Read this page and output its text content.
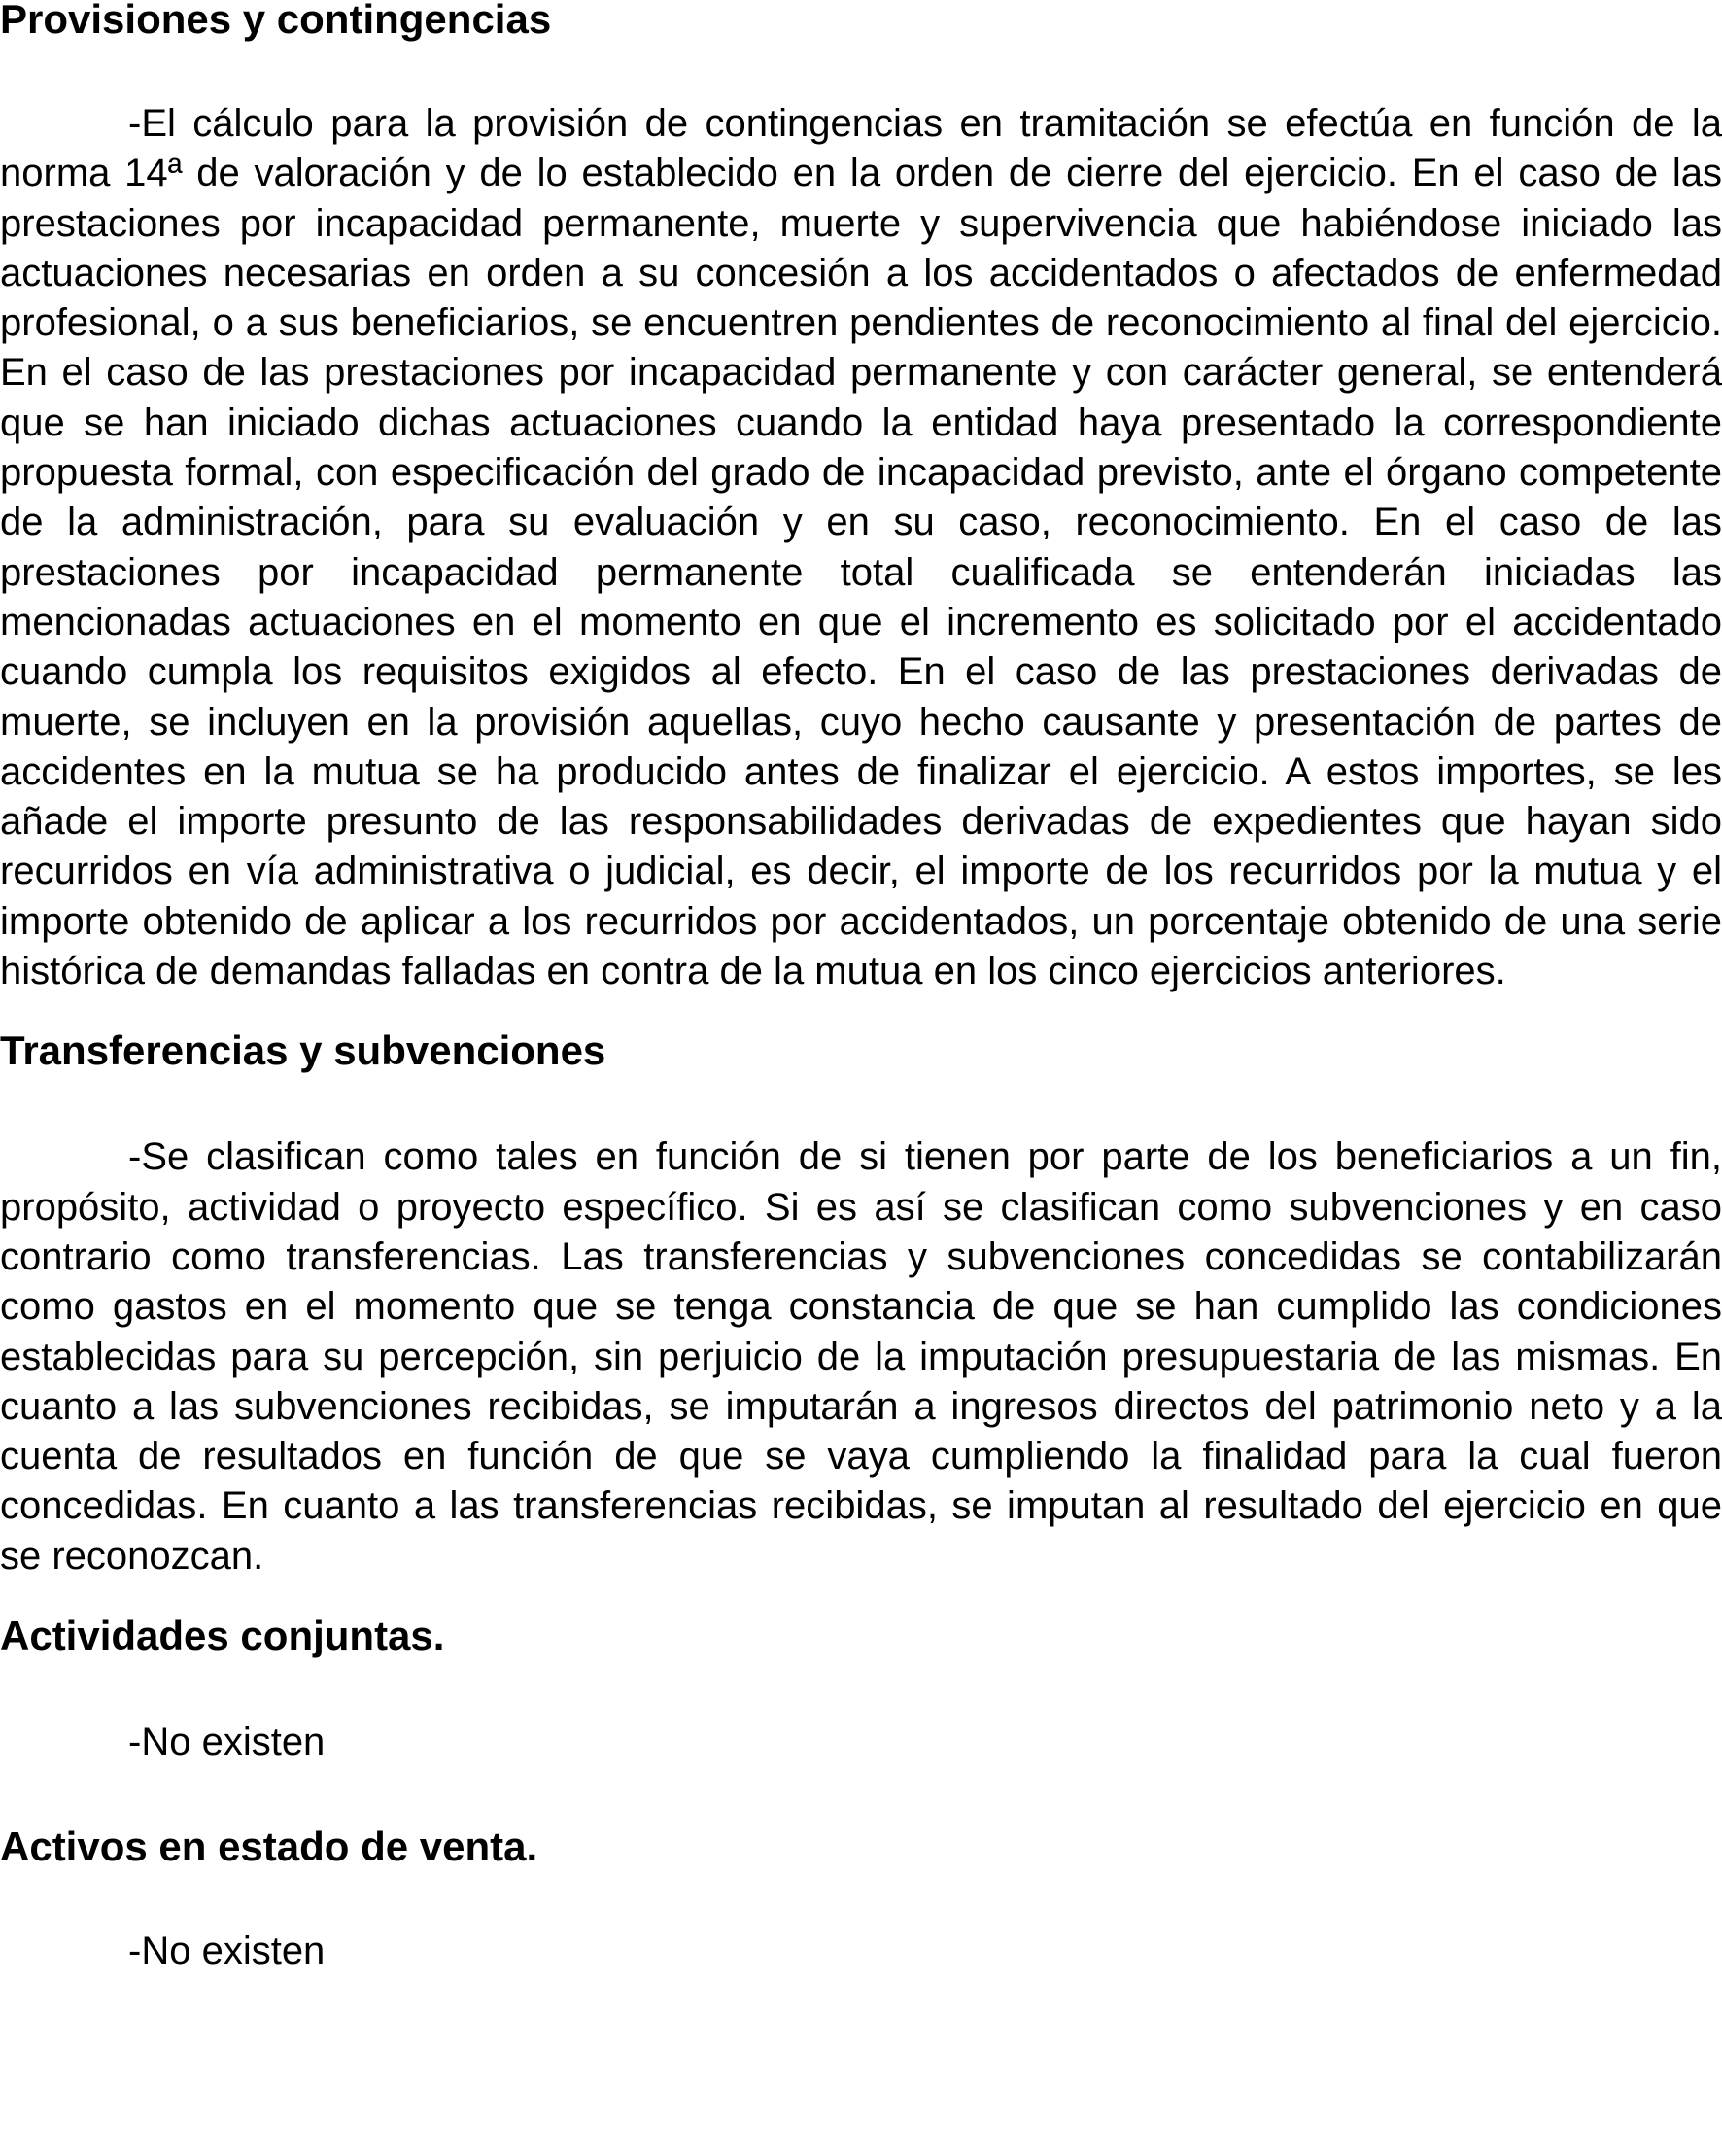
Provisiones y contingencias

-El cálculo para la provisión de contingencias en tramitación se efectúa en función de la norma 14ª de valoración y de lo establecido en la orden de cierre del ejercicio. En el caso de las prestaciones por incapacidad permanente, muerte y supervivencia que habiéndose iniciado las actuaciones necesarias en orden a su concesión a los accidentados o afectados de enfermedad profesional, o a sus beneficiarios, se encuentren pendientes de reconocimiento al final del ejercicio. En el caso de las prestaciones por incapacidad permanente y con carácter general, se entenderá que se han iniciado dichas actuaciones cuando la entidad haya presentado la correspondiente propuesta formal, con especificación del grado de incapacidad previsto, ante el órgano competente de la administración, para su evaluación y en su caso, reconocimiento. En el caso de las prestaciones por incapacidad permanente total cualificada se entenderán iniciadas las mencionadas actuaciones en el momento en que el incremento es solicitado por el accidentado cuando cumpla los requisitos exigidos al efecto. En el caso de las prestaciones derivadas de muerte, se incluyen en la provisión aquellas, cuyo hecho causante y presentación de partes de accidentes en la mutua se ha producido antes de finalizar el ejercicio. A estos importes, se les añade el importe presunto de las responsabilidades derivadas de expedientes que hayan sido recurridos en vía administrativa o judicial, es decir, el importe de los recurridos por la mutua y el importe obtenido de aplicar a los recurridos por accidentados, un porcentaje obtenido de una serie histórica de demandas falladas en contra de la mutua en los cinco ejercicios anteriores.

Transferencias y subvenciones

-Se clasifican como tales en función de si tienen por parte de los beneficiarios a un fin, propósito, actividad o proyecto específico. Si es así se clasifican como subvenciones y en caso contrario como transferencias. Las transferencias y subvenciones concedidas se contabilizarán como gastos en el momento que se tenga constancia de que se han cumplido las condiciones establecidas para su percepción, sin perjuicio de la imputación presupuestaria de las mismas. En cuanto a las subvenciones recibidas, se imputarán a ingresos directos del patrimonio neto y a la cuenta de resultados en función de que se vaya cumpliendo la finalidad para la cual fueron concedidas. En cuanto a las transferencias recibidas, se imputan al resultado del ejercicio en que se reconozcan.

Actividades conjuntas.

-No existen

Activos en estado de venta.

-No existen
